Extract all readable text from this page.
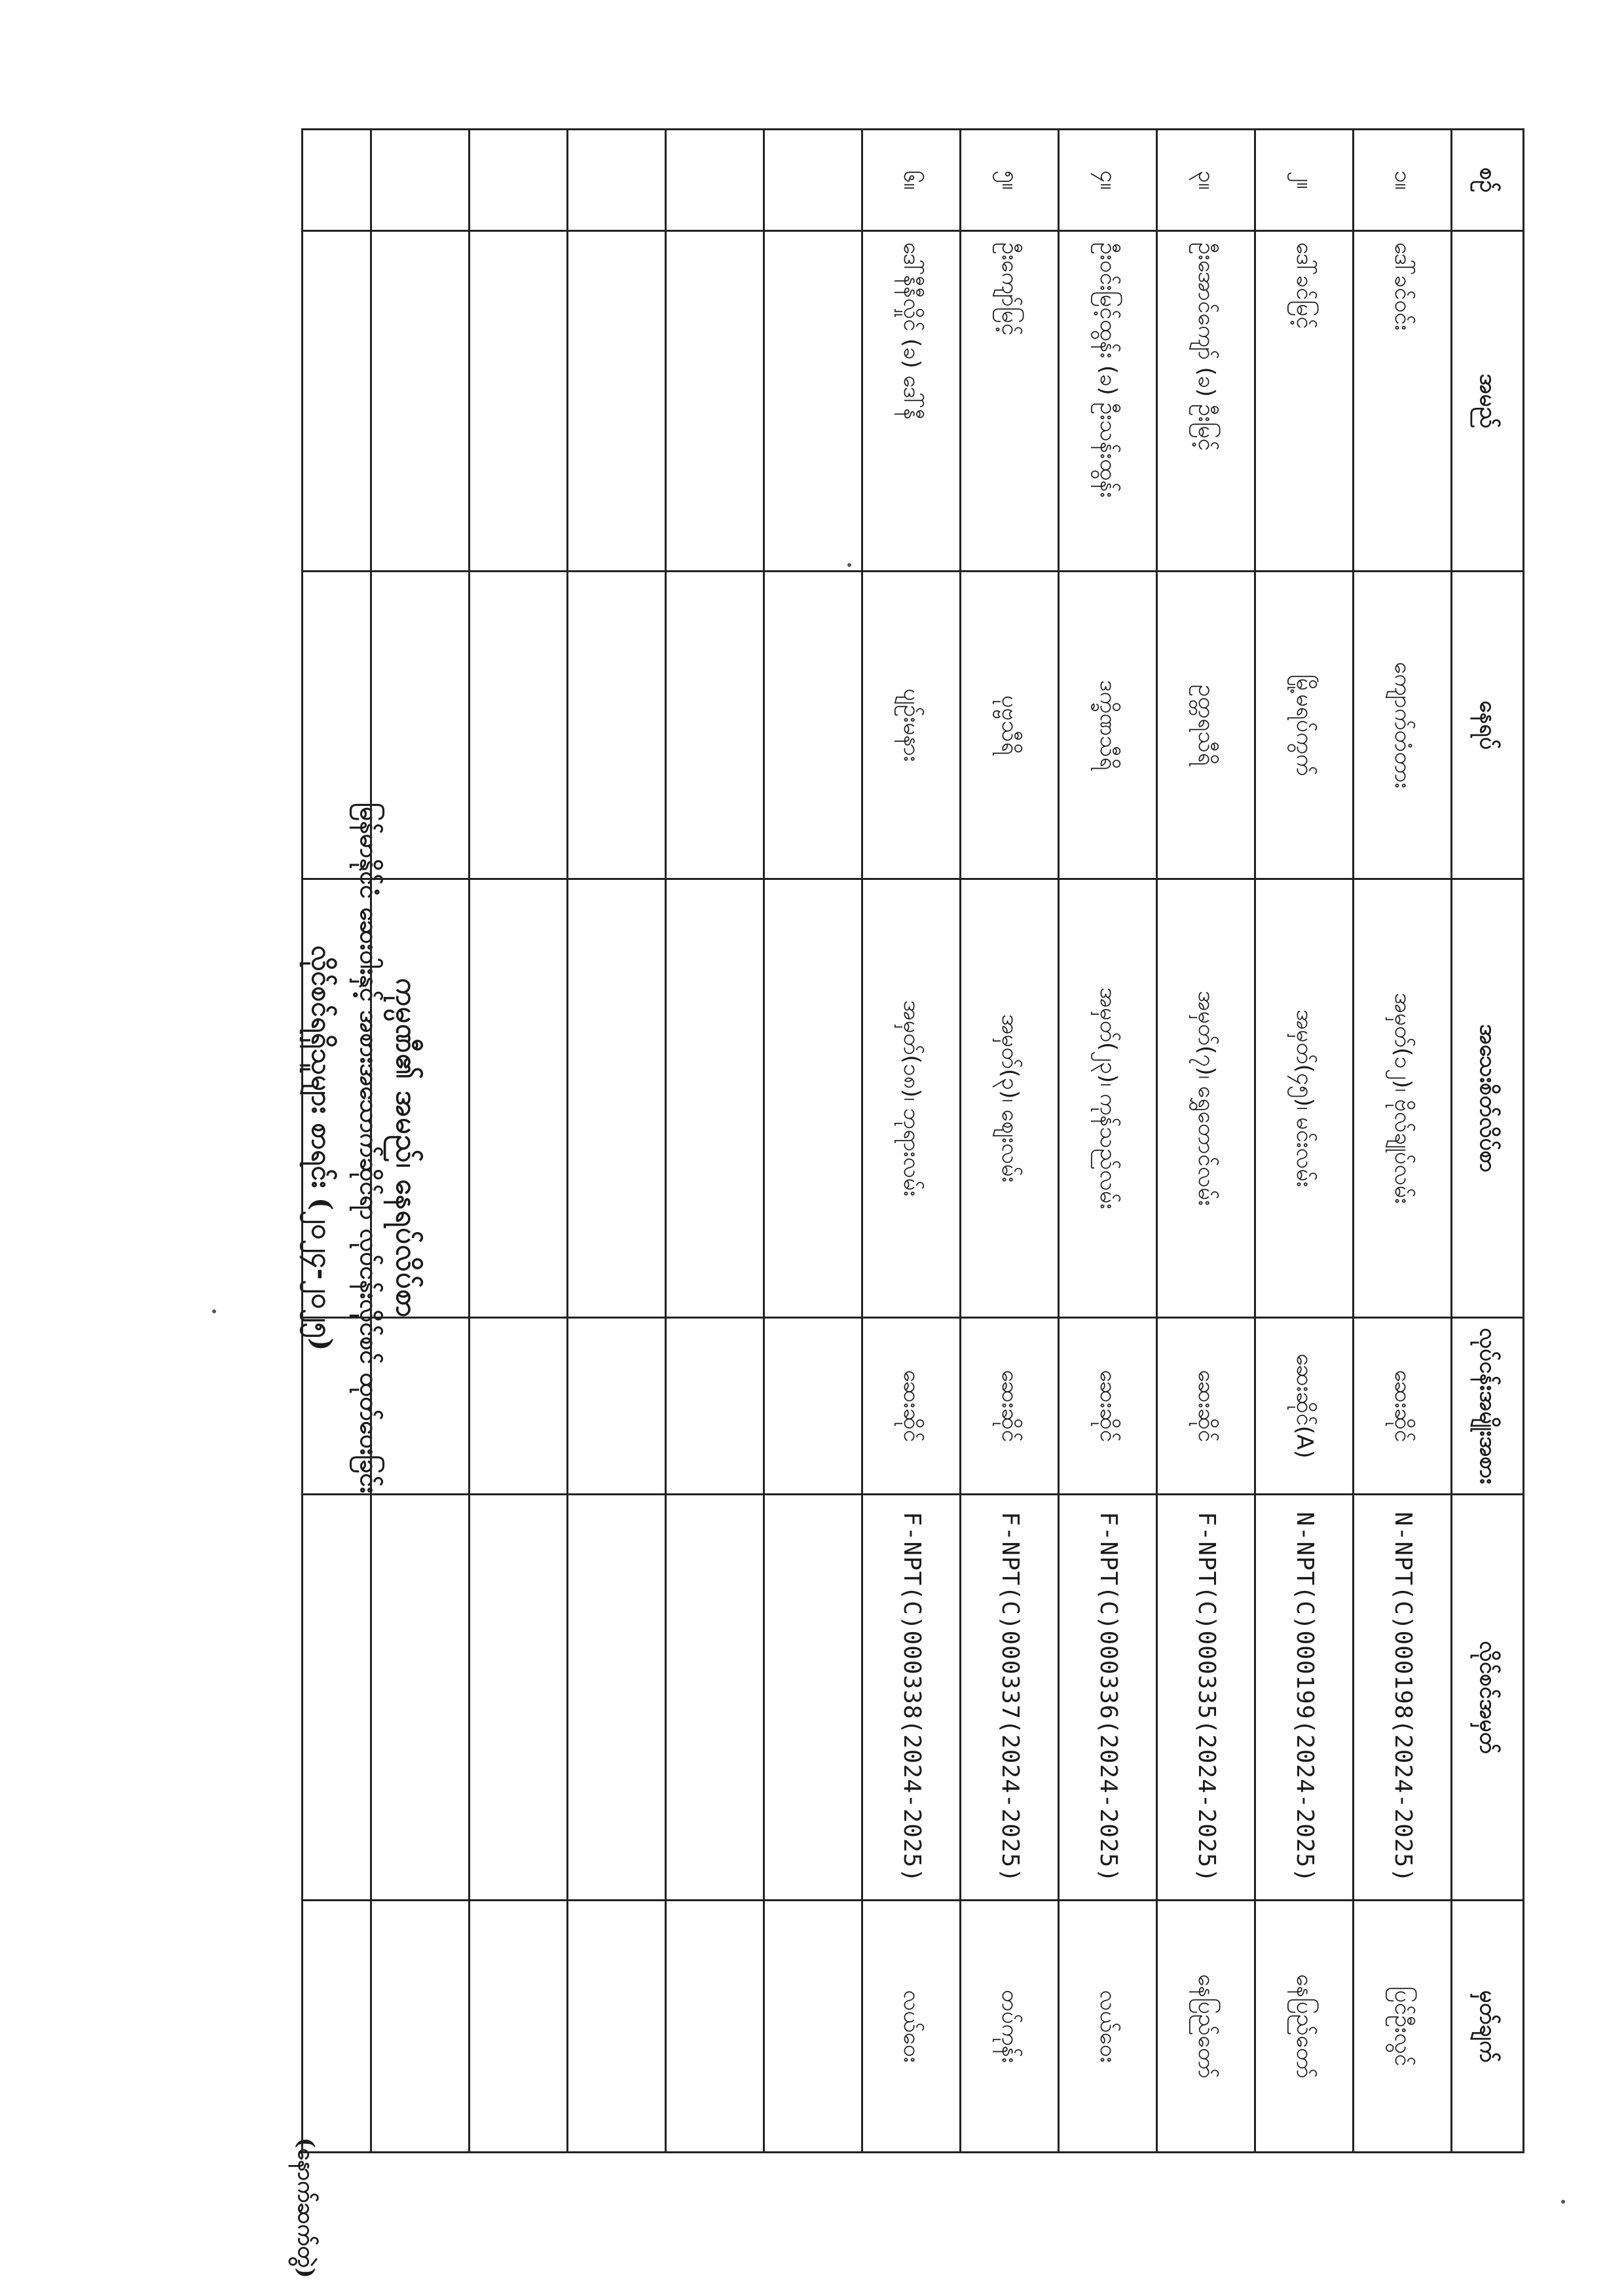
ကုမ္ပဏီ၏ အမည်၊ နေရပ်လိပ်စာ
မြန်မာနိုင်ငံ ဆေးဝါးနှင့် အစားအသောက်ဆိုင်ရာ လုပ်ငန်းလိုင်စင် ထုတ်ပေးခြင်း
လိုင်စင်ရရှိသူများ စာရင်း (၂၀၂၄-၂၀၂၅)
(နောက်ဆက်တွဲ)
စဉ်	အမည်	နေရပ်	အသေးစိတ်လိပ်စာ	လုပ်ငန်းအမျိုးအစား	လိုင်စင်အမှတ်	မှတ်ချက်
၁။	ဒေါ်ခင်ဝင်း	ကျောက်တံတား	အမှတ်(၁၂)၊ ဗိုလ်ချုပ်လမ်း	ဆေးဆိုင်	N-NPT(C)000198(2024-2025)	ပြင်ဦးလွင်
၂။	ဒေါ်ခင်မြင့်	မြို့မရပ်ကွက်	အမှတ်(၄၅)၊ မင်းလမ်း	ဆေးဆိုင်(A)	N-NPT(C)000199(2024-2025)	နေပြည်တော်
၃။	ဦးအောင်ကျော် (ခ) ဦးမြင့်	ဥတ္တရသီရိ	အမှတ်(၇)၊ ရွှေတောင်လမ်း	ဆေးဆိုင်	F-NPT(C)000335(2024-2025)	နေပြည်တော်
၄။	ဦးဝင်းမြင့်ထွန်း (ခ) ဦးသန်းထွန်း	ဒက္ခိဏသီရိ	အမှတ်(၂၃)၊ ကုန်သည်လမ်း	ဆေးဆိုင်	F-NPT(C)000336(2024-2025)	လယ်ဝေး
၅။	ဦးကျော်မြင့်	ပုဗ္ဗသီရိ	အမှတ်(၃)၊ စျေးလမ်း	ဆေးဆိုင်	F-NPT(C)000337(2024-2025)	တပ်ကုန်း
၆။	ဒေါ်နီနီလှိုင် (ခ) ဒေါ်နီ	ပျဉ်းမနား	အမှတ်(၁၈)၊ ဘုရားလမ်း	ဆေးဆိုင်	F-NPT(C)000338(2024-2025)	လယ်ဝေး
